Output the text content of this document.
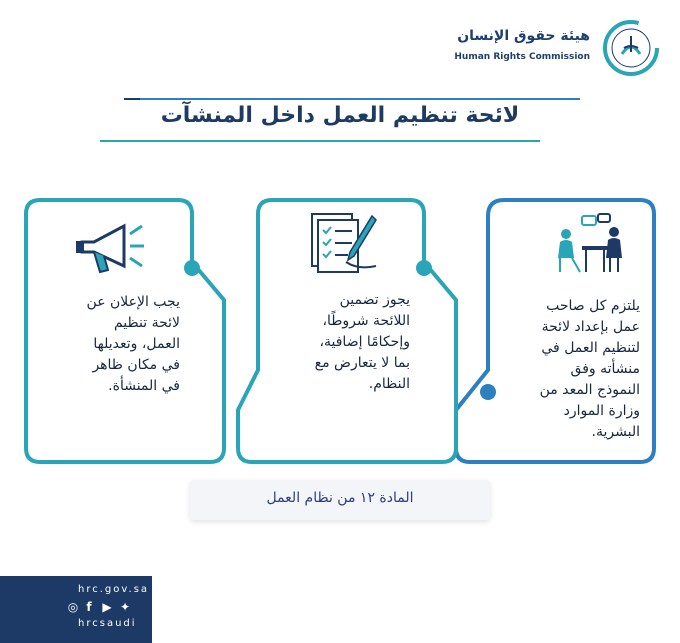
هيئة حقوق الإنسان
Human Rights Commission
لائحة تنظيم العمل داخل المنشآت
يلتزم كل صاحب
عمل بإعداد لائحة
لتنظيم العمل في
منشأته وفق
النموذج المعد من
وزارة الموارد
البشرية.
يجوز تضمين
اللائحة شروطًا،
وإحكامًا إضافية،
بما لا يتعارض مع
النظام.
يجب الإعلان عن
لائحة تنظيم
العمل، وتعديلها
في مكان ظاهر
في المنشأة.
المادة ١٢ من نظام العمل
hrc.gov.sa
◎ f ▶ ✦
hrcsaudi
